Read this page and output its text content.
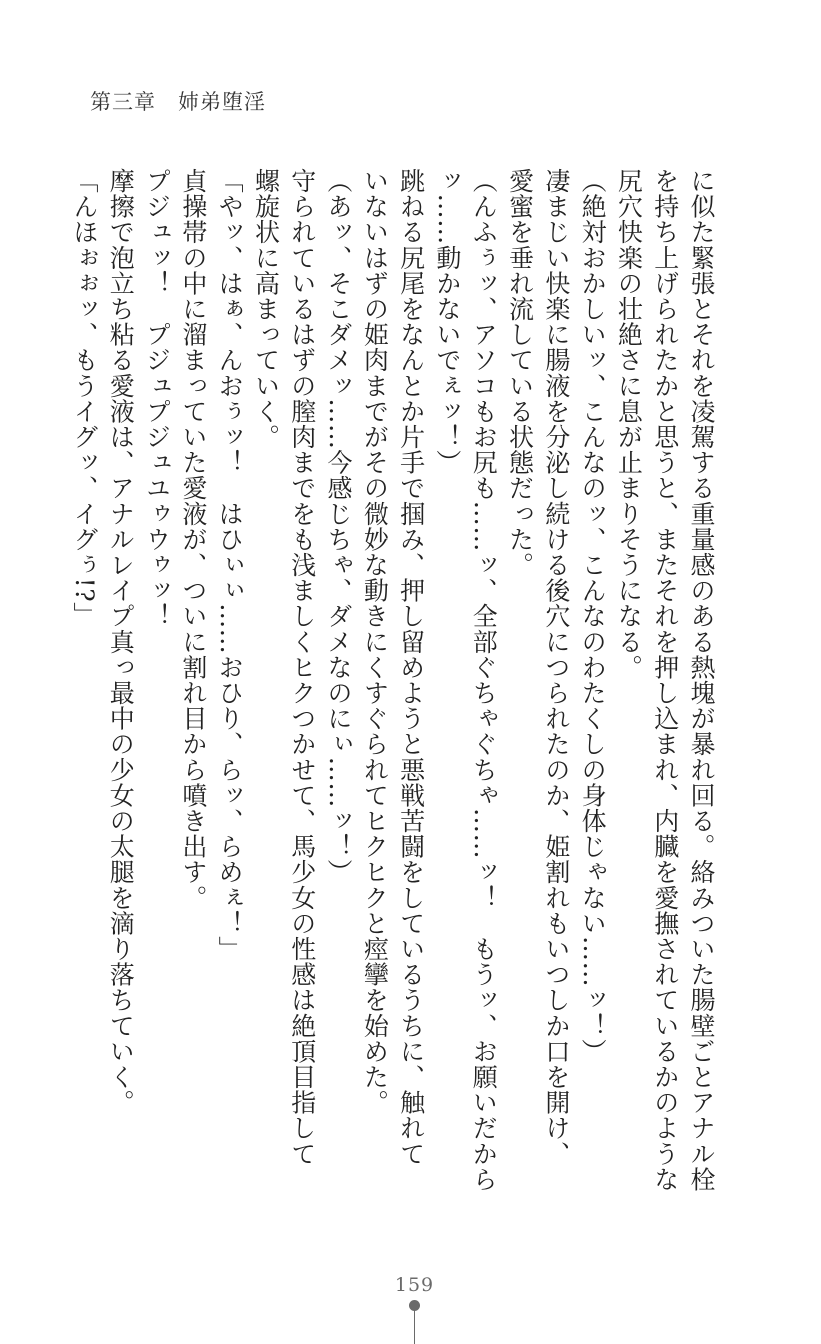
第三章　姉弟堕淫
に似た緊張とそれを凌駕する重量感のある熱塊が暴れ回る。絡みついた腸壁ごとアナル栓
を持ち上げられたかと思うと、またそれを押し込まれ、内臓を愛撫されているかのような
尻穴快楽の壮絶さに息が止まりそうになる。
（絶対おかしいッ、こんなのッ、こんなのわたくしの身体じゃない……ッ！）
凄まじい快楽に腸液を分泌し続ける後穴につられたのか、姫割れもいつしか口を開け、
愛蜜を垂れ流している状態だった。
（んふぅッ、アソコもお尻も……ッ、全部ぐちゃぐちゃ……ッ！　もうッ、お願いだから
ッ……動かないでぇッ！）
跳ねる尻尾をなんとか片手で掴み、押し留めようと悪戦苦闘をしているうちに、触れて
いないはずの姫肉までがその微妙な動きにくすぐられてヒクヒクと痙攣を始めた。
（あッ、そこダメッ……今感じちゃ、ダメなのにぃ……ッ！）
守られているはずの膣肉までをも浅ましくヒクつかせて、馬少女の性感は絶頂目指して
螺旋状に高まっていく。
「やッ、はぁ、んおぅッ！　はひぃぃ……おひり、らッ、らめぇ！」
貞操帯の中に溜まっていた愛液が、ついに割れ目から噴き出す。
プジュッ！　プジュプジュユゥウゥッ！
摩擦で泡立ち粘る愛液は、アナルレイプ真っ最中の少女の太腿を滴り落ちていく。
「んほぉぉッ、もうイグッ、イグぅ!?」
159
